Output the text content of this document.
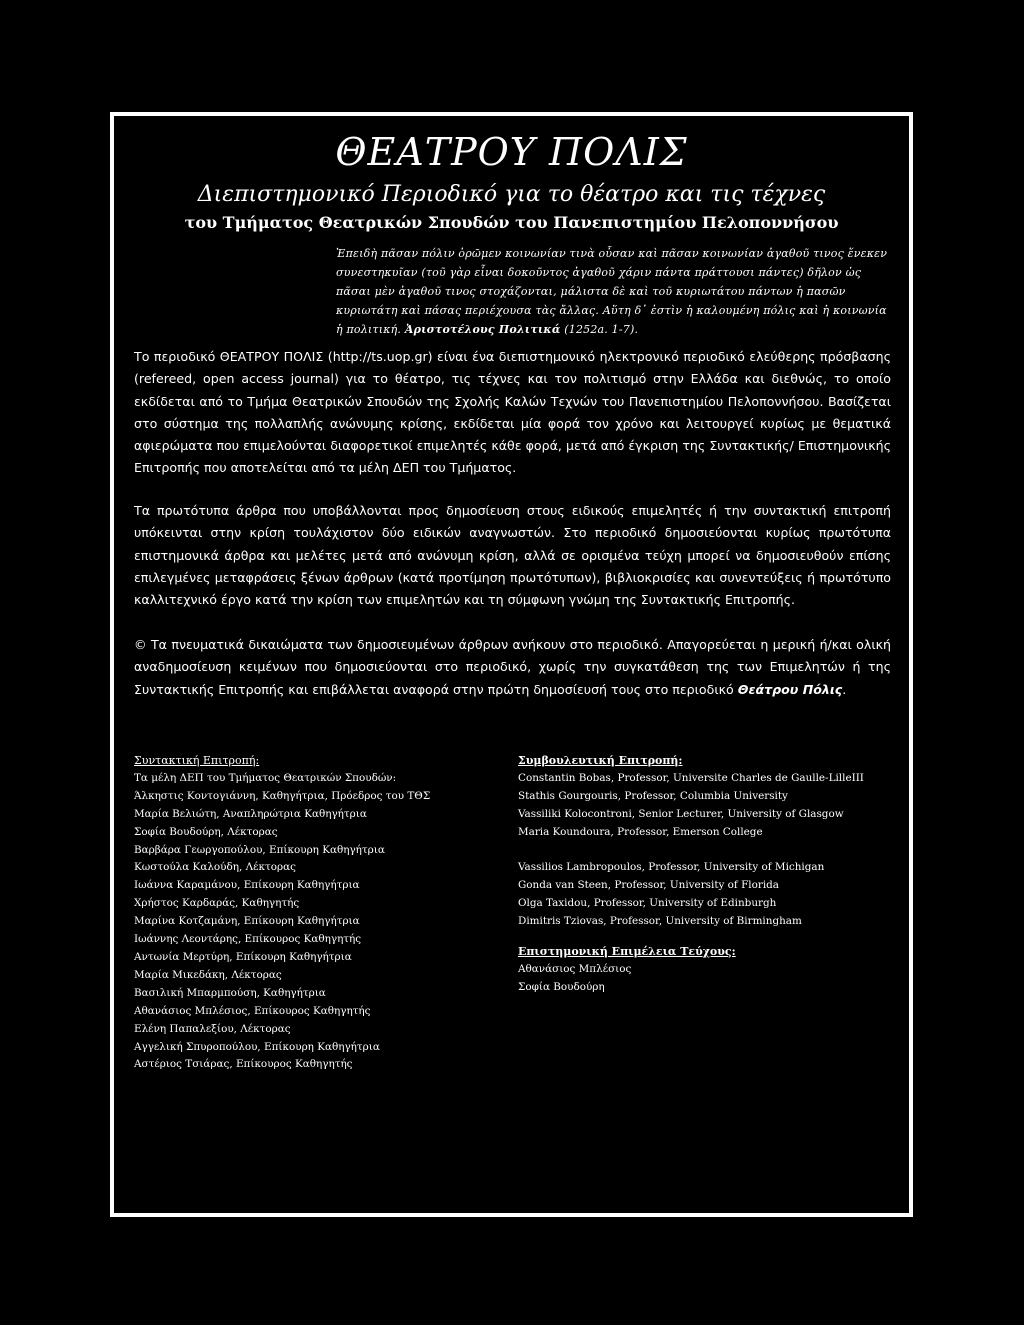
ΘΕΑΤΡΟΥ ΠΟΛΙΣ
Διεπιστημονικό Περιοδικό για το θέατρο και τις τέχνες
του Τμήματος Θεατρικών Σπουδών του Πανεπιστημίου Πελοποννήσου

Ἐπειδὴ πᾶσαν πόλιν ὁρῶμεν κοινωνίαν τινὰ οὖσαν καὶ πᾶσαν κοινωνίαν ἀγαθοῦ τινος ἕνεκεν συνεστηκυῖαν (τοῦ γὰρ εἶναι δοκοῦντος ἀγαθοῦ χάριν πάντα πράττουσι πάντες) δῆλον ὡς πᾶσαι μὲν ἀγαθοῦ τινος στοχάζονται, μάλιστα δὲ καὶ τοῦ κυριωτάτου πάντων ἡ πασῶν κυριωτάτη καὶ πάσας περιέχουσα τὰς ἄλλας. Αὕτη δ᾽ ἐστὶν ἡ καλουμένη πόλις καὶ ἡ κοινωνία ἡ πολιτική. Ἀριστοτέλους Πολιτικά (1252a. 1-7).

Το περιοδικό ΘΕΑΤΡΟΥ ΠΟΛΙΣ (http://ts.uop.gr) είναι ένα διεπιστημονικό ηλεκτρονικό περιοδικό ελεύθερης πρόσβασης (refereed, open access journal) για το θέατρο, τις τέχνες και τον πολιτισμό στην Ελλάδα και διεθνώς, το οποίο εκδίδεται από το Τμήμα Θεατρικών Σπουδών της Σχολής Καλών Τεχνών του Πανεπιστημίου Πελοποννήσου. Βασίζεται στο σύστημα της πολλαπλής ανώνυμης κρίσης, εκδίδεται μία φορά τον χρόνο και λειτουργεί κυρίως με θεματικά αφιερώματα που επιμελούνται διαφορετικοί επιμελητές κάθε φορά, μετά από έγκριση της Συντακτικής/ Επιστημονικής Επιτροπής που αποτελείται από τα μέλη ΔΕΠ του Τμήματος.

Τα πρωτότυπα άρθρα που υποβάλλονται προς δημοσίευση στους ειδικούς επιμελητές ή την συντακτική επιτροπή υπόκεινται στην κρίση τουλάχιστον δύο ειδικών αναγνωστών. Στο περιοδικό δημοσιεύονται κυρίως πρωτότυπα επιστημονικά άρθρα και μελέτες μετά από ανώνυμη κρίση, αλλά σε ορισμένα τεύχη μπορεί να δημοσιευθούν επίσης επιλεγμένες μεταφράσεις ξένων άρθρων (κατά προτίμηση πρωτότυπων), βιβλιοκρισίες και συνεντεύξεις ή πρωτότυπο καλλιτεχνικό έργο κατά την κρίση των επιμελητών και τη σύμφωνη γνώμη της Συντακτικής Επιτροπής.

© Τα πνευματικά δικαιώματα των δημοσιευμένων άρθρων ανήκουν στο περιοδικό. Απαγορεύεται η μερική ή/και ολική αναδημοσίευση κειμένων που δημοσιεύονται στο περιοδικό, χωρίς την συγκατάθεση της των Επιμελητών ή της Συντακτικής Επιτροπής και επιβάλλεται αναφορά στην πρώτη δημοσίευσή τους στο περιοδικό Θεάτρου Πόλις.

Συντακτική Επιτροπή:
Τα μέλη ΔΕΠ του Τμήματος Θεατρικών Σπουδών:
Άλκηστις Κοντογιάννη, Καθηγήτρια, Πρόεδρος του ΤΘΣ
Μαρία Βελιώτη, Αναπληρώτρια Καθηγήτρια
Σοφία Βουδούρη, Λέκτορας
Βαρβάρα Γεωργοπούλου, Επίκουρη Καθηγήτρια
Κωστούλα Καλούδη, Λέκτορας
Ιωάννα Καραμάνου, Επίκουρη Καθηγήτρια
Χρήστος Καρδαράς, Καθηγητής
Μαρίνα Κοτζαμάνη, Επίκουρη Καθηγήτρια
Ιωάννης Λεοντάρης, Επίκουρος Καθηγητής
Αντωνία Μερτύρη, Επίκουρη Καθηγήτρια
Μαρία Μικεδάκη, Λέκτορας
Βασιλική Μπαρμπούση, Καθηγήτρια
Αθανάσιος Μπλέσιος, Επίκουρος Καθηγητής
Ελένη Παπαλεξίου, Λέκτορας
Αγγελική Σπυροπούλου, Επίκουρη Καθηγήτρια
Αστέριος Τσιάρας, Επίκουρος Καθηγητής
Συμβουλευτική Επιτροπή:
Constantin Bobas, Professor, Universite Charles de Gaulle-LilleIII
Stathis Gourgouris, Professor, Columbia University
Vassiliki Kolocontroni, Senior Lecturer, University of Glasgow
Maria Koundoura, Professor, Emerson College
Vassilios Lambropoulos, Professor, University of Michigan
Gonda van Steen, Professor, University of Florida
Olga Taxidou, Professor, University of Edinburgh
Dimitris Tziovas, Professor, University of Birmingham
Επιστημονική Επιμέλεια Τεύχους:
Αθανάσιος Μπλέσιος
Σοφία Βουδούρη
